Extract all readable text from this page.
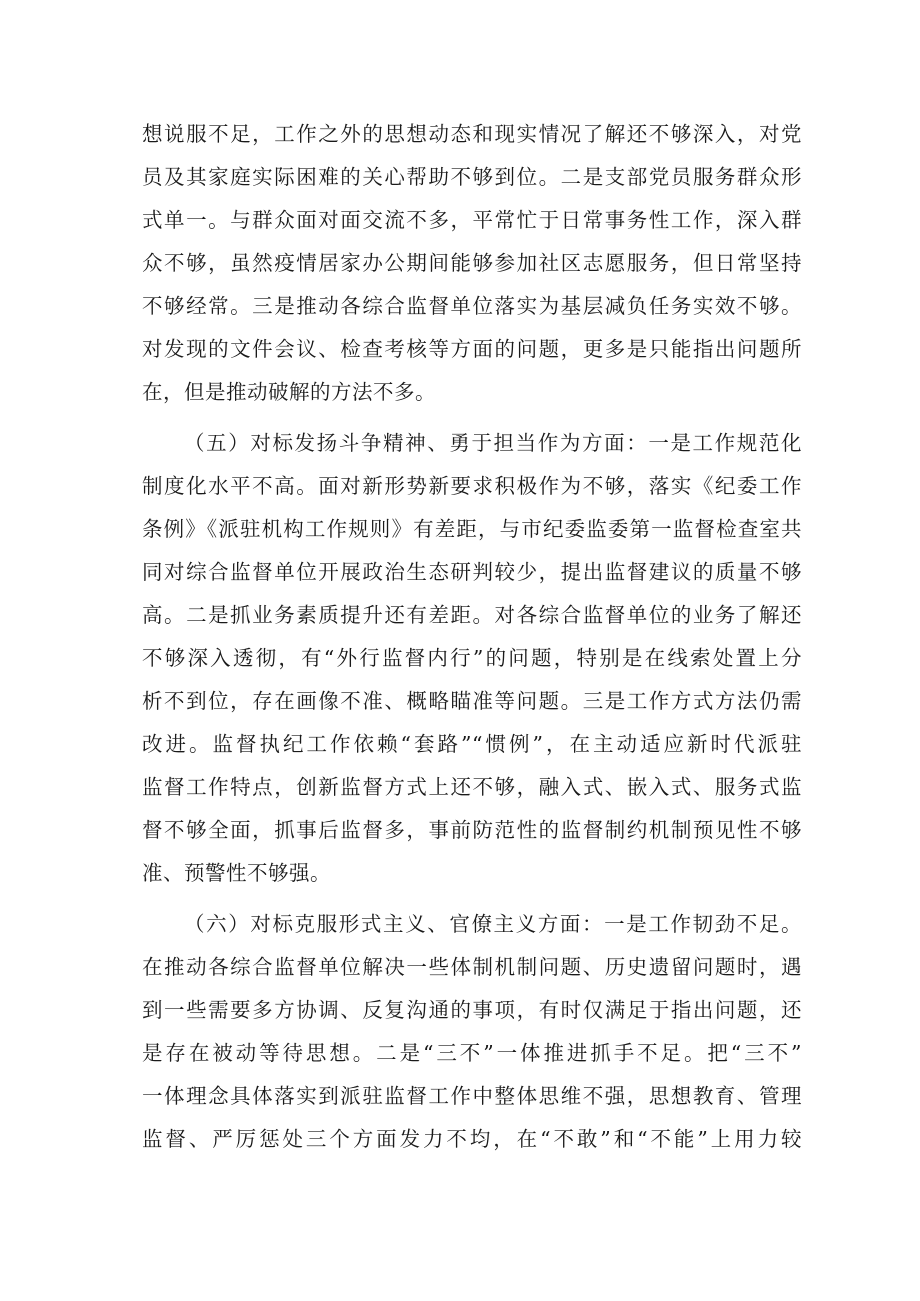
想说服不足，工作之外的思想动态和现实情况了解还不够深入，对党

员及其家庭实际困难的关心帮助不够到位。二是支部党员服务群众形

式单一。与群众面对面交流不多，平常忙于日常事务性工作，深入群

众不够，虽然疫情居家办公期间能够参加社区志愿服务，但日常坚持

不够经常。三是推动各综合监督单位落实为基层减负任务实效不够。

对发现的文件会议、检查考核等方面的问题，更多是只能指出问题所

在，但是推动破解的方法不多。

（五）对标发扬斗争精神、勇于担当作为方面：一是工作规范化

制度化水平不高。面对新形势新要求积极作为不够，落实《纪委工作

条例》《派驻机构工作规则》有差距，与市纪委监委第一监督检查室共

同对综合监督单位开展政治生态研判较少，提出监督建议的质量不够

高。二是抓业务素质提升还有差距。对各综合监督单位的业务了解还

不够深入透彻，有“外行监督内行”的问题，特别是在线索处置上分

析不到位，存在画像不准、概略瞄准等问题。三是工作方式方法仍需

改进。监督执纪工作依赖“套路”“惯例”，在主动适应新时代派驻

监督工作特点，创新监督方式上还不够，融入式、嵌入式、服务式监

督不够全面，抓事后监督多，事前防范性的监督制约机制预见性不够

准、预警性不够强。

（六）对标克服形式主义、官僚主义方面：一是工作韧劲不足。

在推动各综合监督单位解决一些体制机制问题、历史遗留问题时，遇

到一些需要多方协调、反复沟通的事项，有时仅满足于指出问题，还

是存在被动等待思想。二是“三不”一体推进抓手不足。把“三不”

一体理念具体落实到派驻监督工作中整体思维不强，思想教育、管理

监督、严厉惩处三个方面发力不均，在“不敢”和“不能”上用力较
